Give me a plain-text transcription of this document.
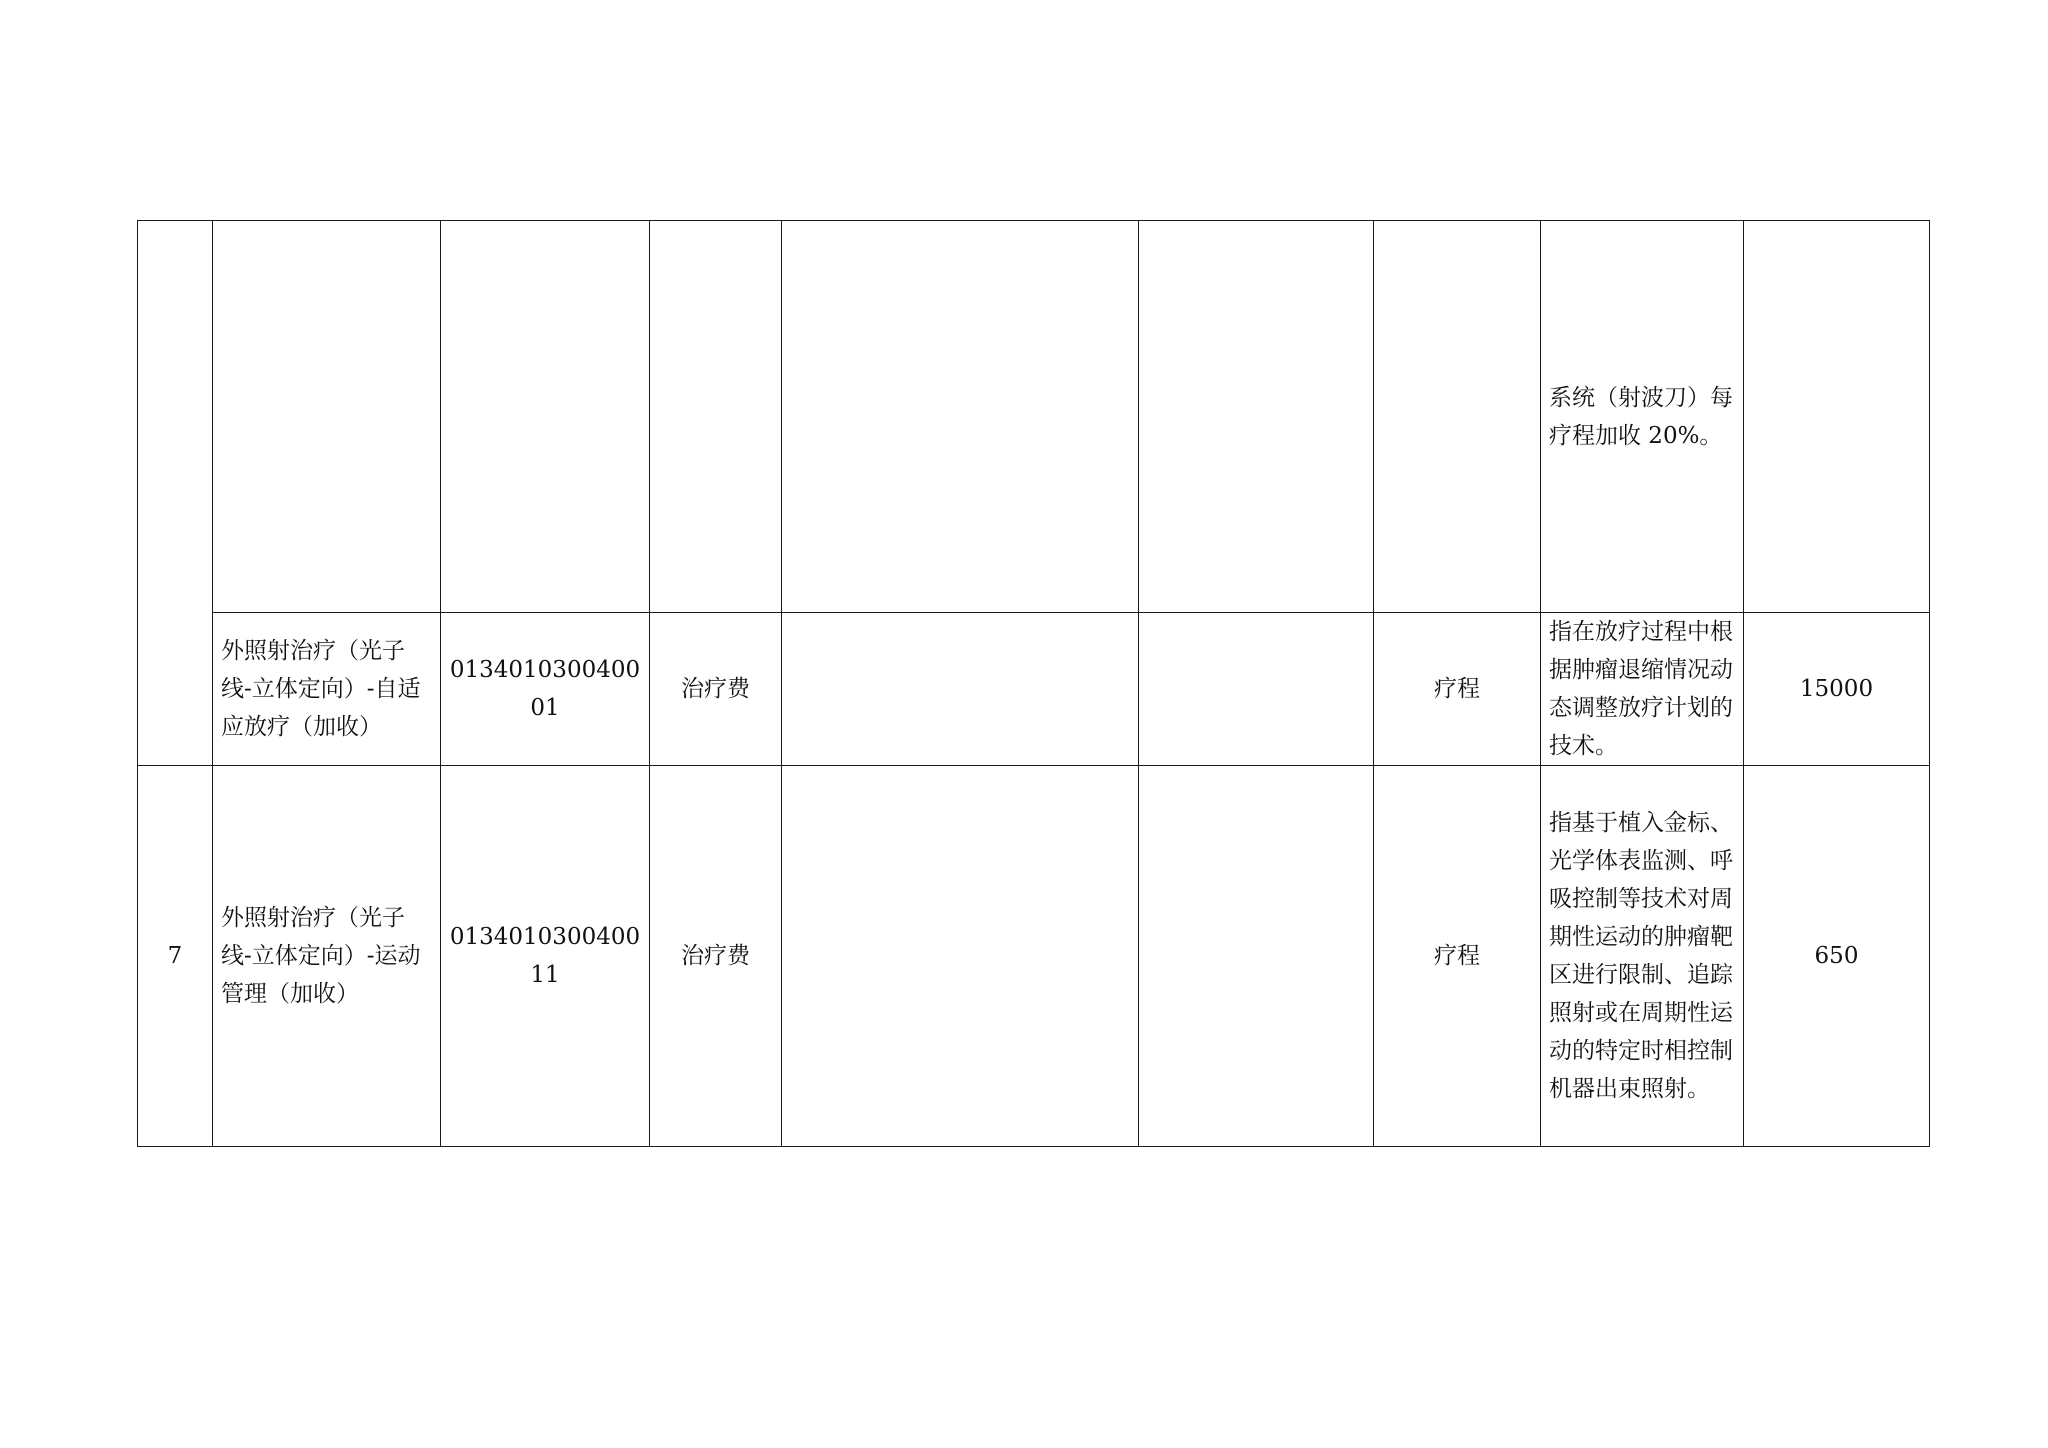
							系统（射波刀）每疗程加收 20%。	
	外照射治疗（光子线-立体定向）-自适应放疗（加收）	013401030040001	治疗费			疗程	指在放疗过程中根据肿瘤退缩情况动态调整放疗计划的技术。	15000
7	外照射治疗（光子线-立体定向）-运动管理（加收）	013401030040011	治疗费			疗程	指基于植入金标、光学体表监测、呼吸控制等技术对周期性运动的肿瘤靶区进行限制、追踪照射或在周期性运动的特定时相控制机器出束照射。	650
